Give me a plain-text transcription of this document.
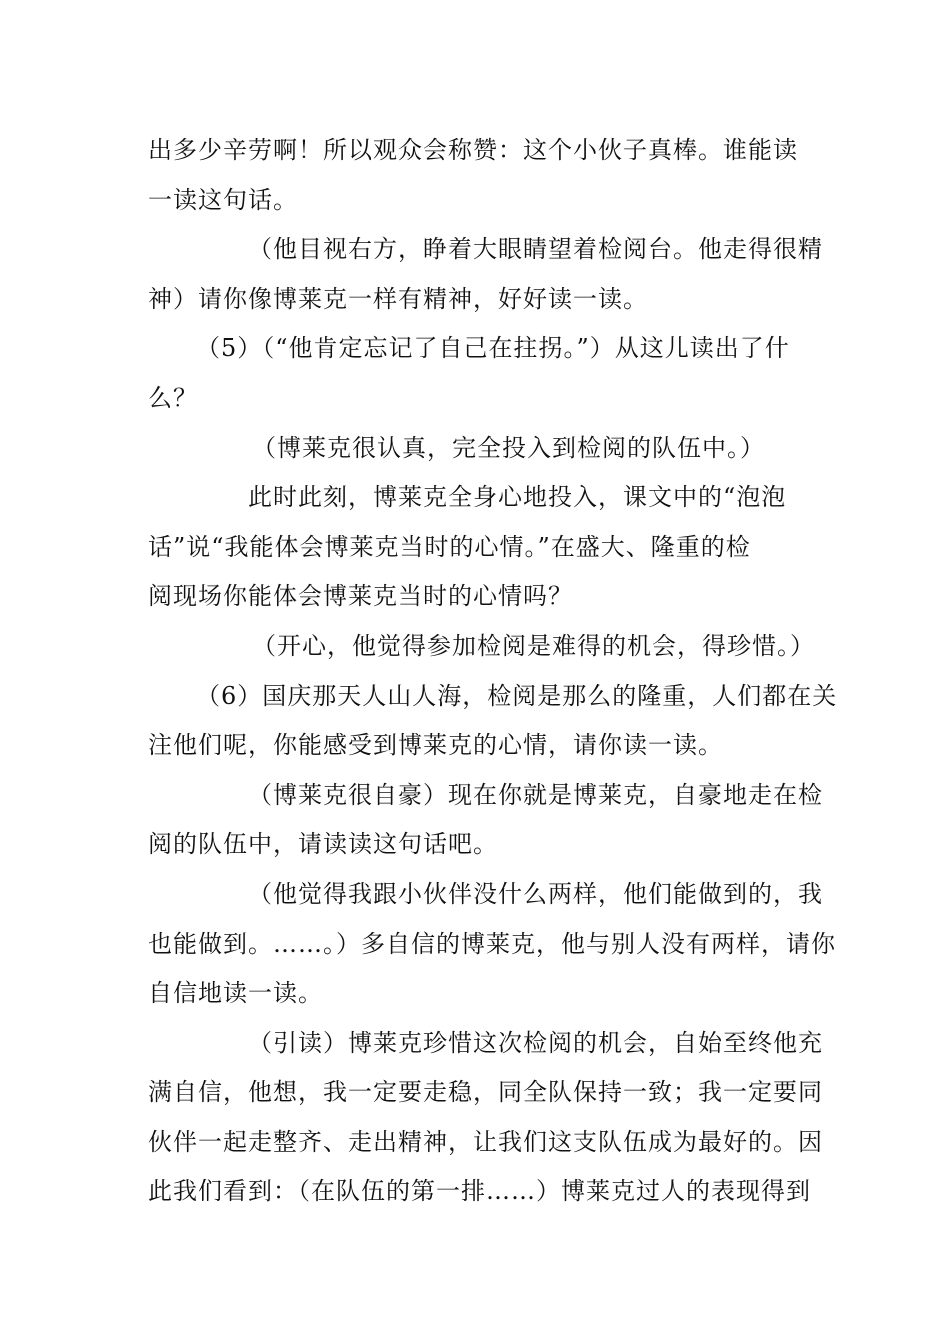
出多少辛劳啊！所以观众会称赞：这个小伙子真棒。谁能读
一读这句话。
（他目视右方，睁着大眼睛望着检阅台。他走得很精
神）请你像博莱克一样有精神，好好读一读。
（5）（“他肯定忘记了自己在拄拐。”）从这儿读出了什
么？
（博莱克很认真，完全投入到检阅的队伍中。）
此时此刻，博莱克全身心地投入，课文中的“泡泡
话”说“我能体会博莱克当时的心情。”在盛大、隆重的检
阅现场你能体会博莱克当时的心情吗？
（开心，他觉得参加检阅是难得的机会，得珍惜。）
（6）国庆那天人山人海，检阅是那么的隆重，人们都在关
注他们呢，你能感受到博莱克的心情，请你读一读。
（博莱克很自豪）现在你就是博莱克，自豪地走在检
阅的队伍中，请读读这句话吧。
（他觉得我跟小伙伴没什么两样，他们能做到的，我
也能做到。……。）多自信的博莱克，他与别人没有两样，请你
自信地读一读。
（引读）博莱克珍惜这次检阅的机会，自始至终他充
满自信，他想，我一定要走稳，同全队保持一致；我一定要同
伙伴一起走整齐、走出精神，让我们这支队伍成为最好的。因
此我们看到：（在队伍的第一排……）博莱克过人的表现得到
